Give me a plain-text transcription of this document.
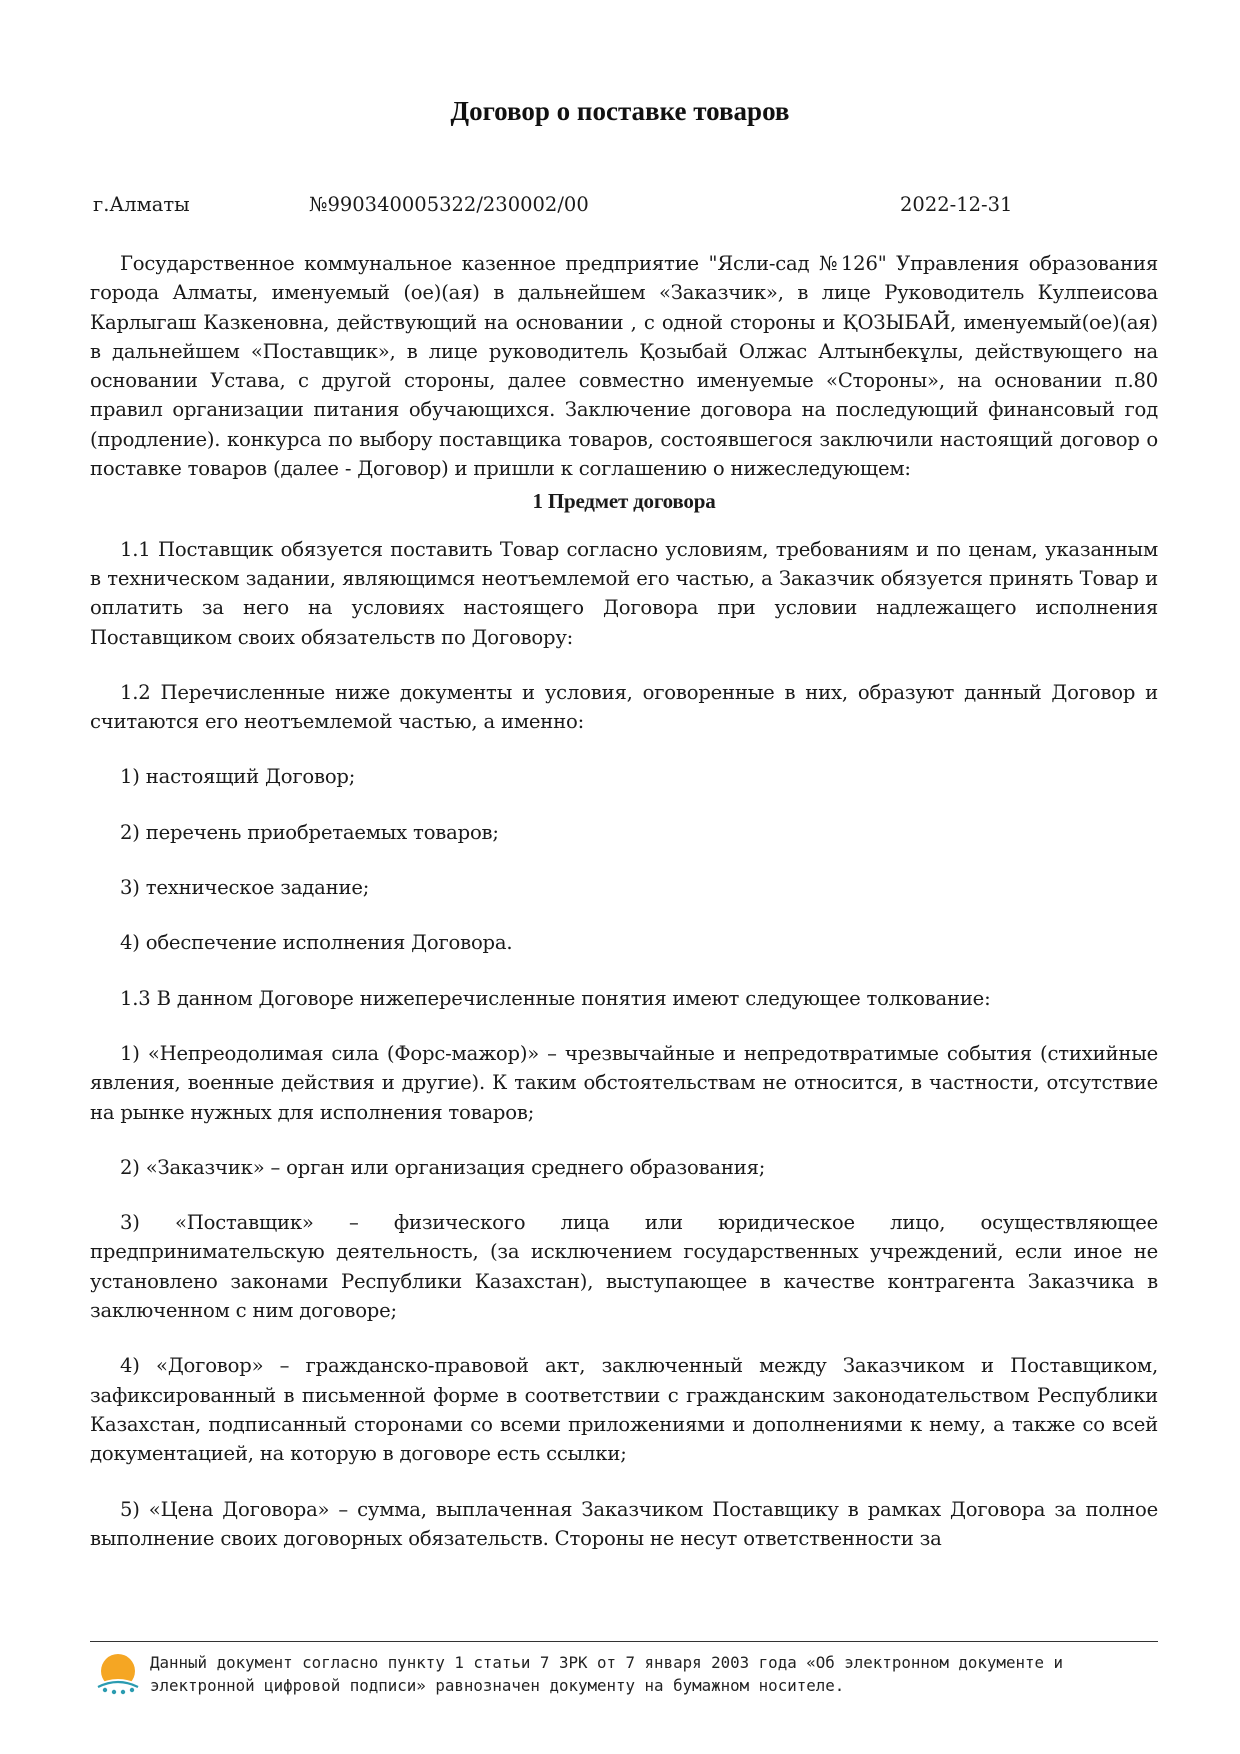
Договор о поставке товаров
г.Алматы	№990340005322/230002/00	2022-12-31

Государственное коммунальное казенное предприятие "Ясли-сад №126" Управления образования города Алматы, именуемый (ое)(ая) в дальнейшем «Заказчик», в лице Руководитель Кулпеисова Карлыгаш Казкеновна, действующий на основании , с одной стороны и ҚОЗЫБАЙ, именуемый(ое)(ая) в дальнейшем «Поставщик», в лице руководитель Қозыбай Олжас Алтынбекұлы, действующего на основании Устава, с другой стороны, далее совместно именуемые «Стороны», на основании п.80 правил организации питания обучающихся. Заключение договора на последующий финансовый год (продление). конкурса по выбору поставщика товаров, состоявшегося заключили настоящий договор о поставке товаров (далее - Договор) и пришли к соглашению о нижеследующем:

1 Предмет договора

1.1 Поставщик обязуется поставить Товар согласно условиям, требованиям и по ценам, указанным в техническом задании, являющимся неотъемлемой его частью, а Заказчик обязуется принять Товар и оплатить за него на условиях настоящего Договора при условии надлежащего исполнения Поставщиком своих обязательств по Договору:

1.2 Перечисленные ниже документы и условия, оговоренные в них, образуют данный Договор и считаются его неотъемлемой частью, а именно:

1) настоящий Договор;

2) перечень приобретаемых товаров;

3) техническое задание;

4) обеспечение исполнения Договора.

1.3 В данном Договоре нижеперечисленные понятия имеют следующее толкование:

1) «Непреодолимая сила (Форс-мажор)» – чрезвычайные и непредотвратимые события (стихийные явления, военные действия и другие). К таким обстоятельствам не относится, в частности, отсутствие на рынке нужных для исполнения товаров;

2) «Заказчик» – орган или организация среднего образования;

3) «Поставщик» – физического лица или юридическое лицо, осуществляющее предпринимательскую деятельность, (за исключением государственных учреждений, если иное не установлено законами Республики Казахстан), выступающее в качестве контрагента Заказчика в заключенном с ним договоре;

4) «Договор» – гражданско-правовой акт, заключенный между Заказчиком и Поставщиком, зафиксированный в письменной форме в соответствии с гражданским законодательством Республики Казахстан, подписанный сторонами со всеми приложениями и дополнениями к нему, а также со всей документацией, на которую в договоре есть ссылки;

5) «Цена Договора» – сумма, выплаченная Заказчиком Поставщику в рамках Договора за полное выполнение своих договорных обязательств. Стороны не несут ответственности за

Данный документ согласно пункту 1 статьи 7 ЗРК от 7 января 2003 года «Об электронном документе и
электронной цифровой подписи» равнозначен документу на бумажном носителе.
